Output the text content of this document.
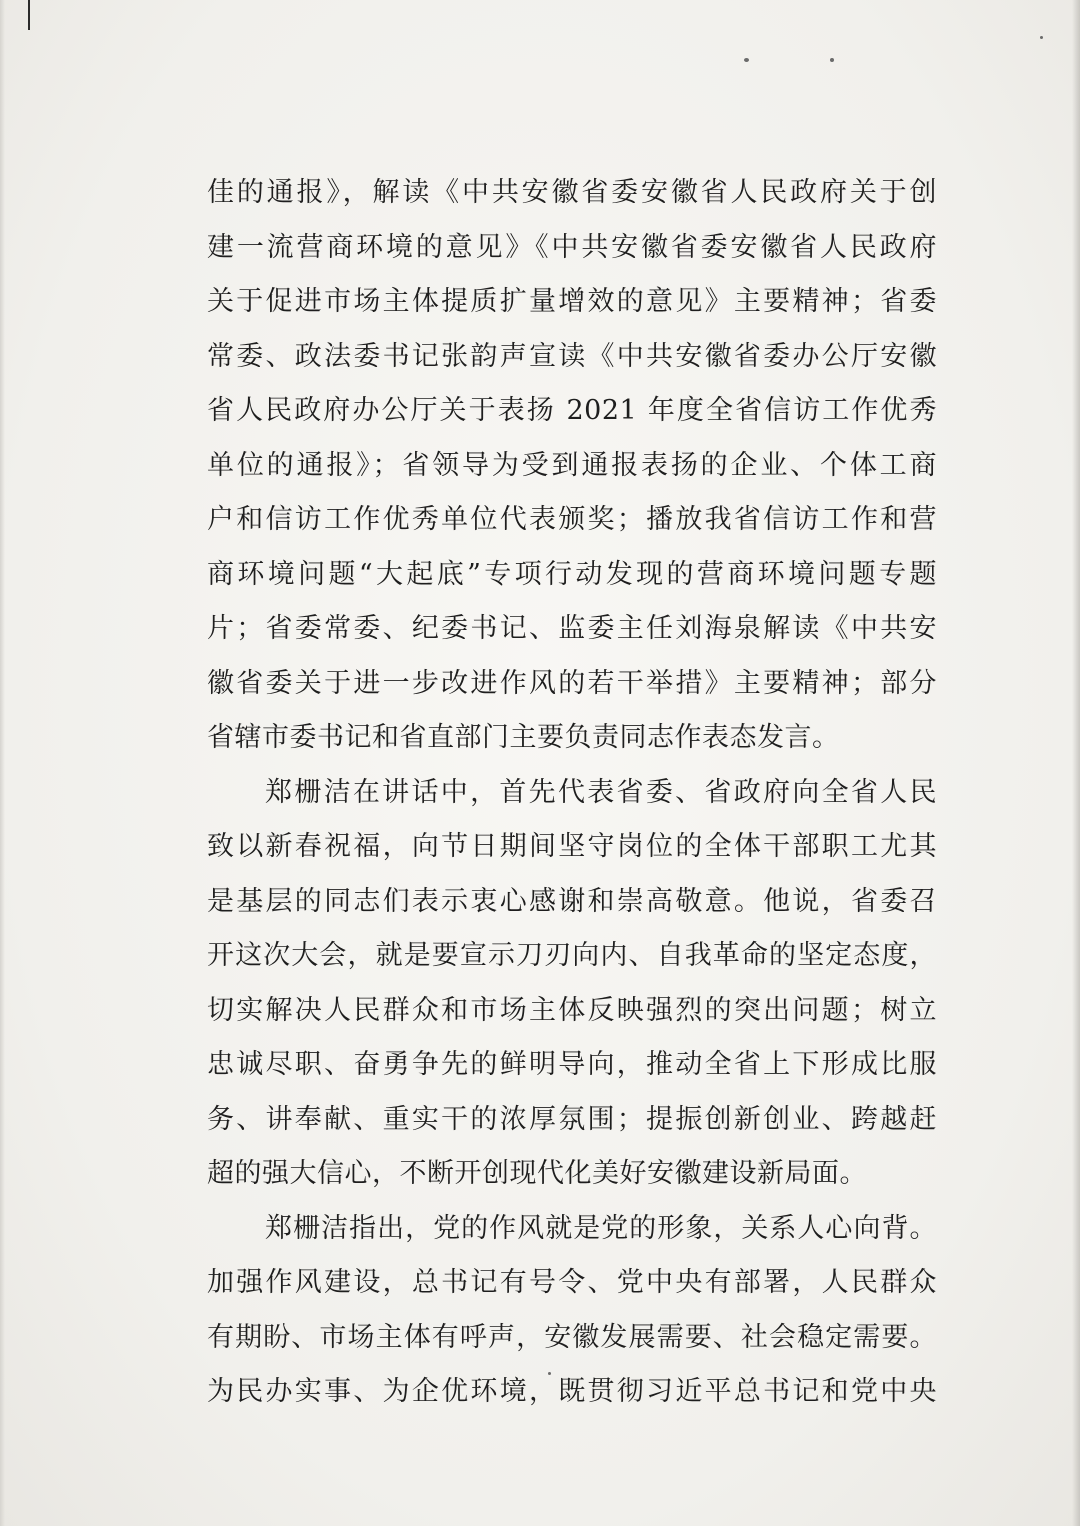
佳的通报》，解读《中共安徽省委安徽省人民政府关于创
建一流营商环境的意见》《中共安徽省委安徽省人民政府
关于促进市场主体提质扩量增效的意见》主要精神；省委
常委、政法委书记张韵声宣读《中共安徽省委办公厅安徽
省人民政府办公厅关于表扬 2021 年度全省信访工作优秀
单位的通报》；省领导为受到通报表扬的企业、个体工商
户和信访工作优秀单位代表颁奖；播放我省信访工作和营
商环境问题“大起底”专项行动发现的营商环境问题专题
片；省委常委、纪委书记、监委主任刘海泉解读《中共安
徽省委关于进一步改进作风的若干举措》主要精神；部分
省辖市委书记和省直部门主要负责同志作表态发言。
郑栅洁在讲话中，首先代表省委、省政府向全省人民
致以新春祝福，向节日期间坚守岗位的全体干部职工尤其
是基层的同志们表示衷心感谢和崇高敬意。他说，省委召
开这次大会，就是要宣示刀刃向内、自我革命的坚定态度，
切实解决人民群众和市场主体反映强烈的突出问题；树立
忠诚尽职、奋勇争先的鲜明导向，推动全省上下形成比服
务、讲奉献、重实干的浓厚氛围；提振创新创业、跨越赶
超的强大信心，不断开创现代化美好安徽建设新局面。
郑栅洁指出，党的作风就是党的形象，关系人心向背。
加强作风建设，总书记有号令、党中央有部署，人民群众
有期盼、市场主体有呼声，安徽发展需要、社会稳定需要。
为民办实事、为企优环境，既贯彻习近平总书记和党中央
